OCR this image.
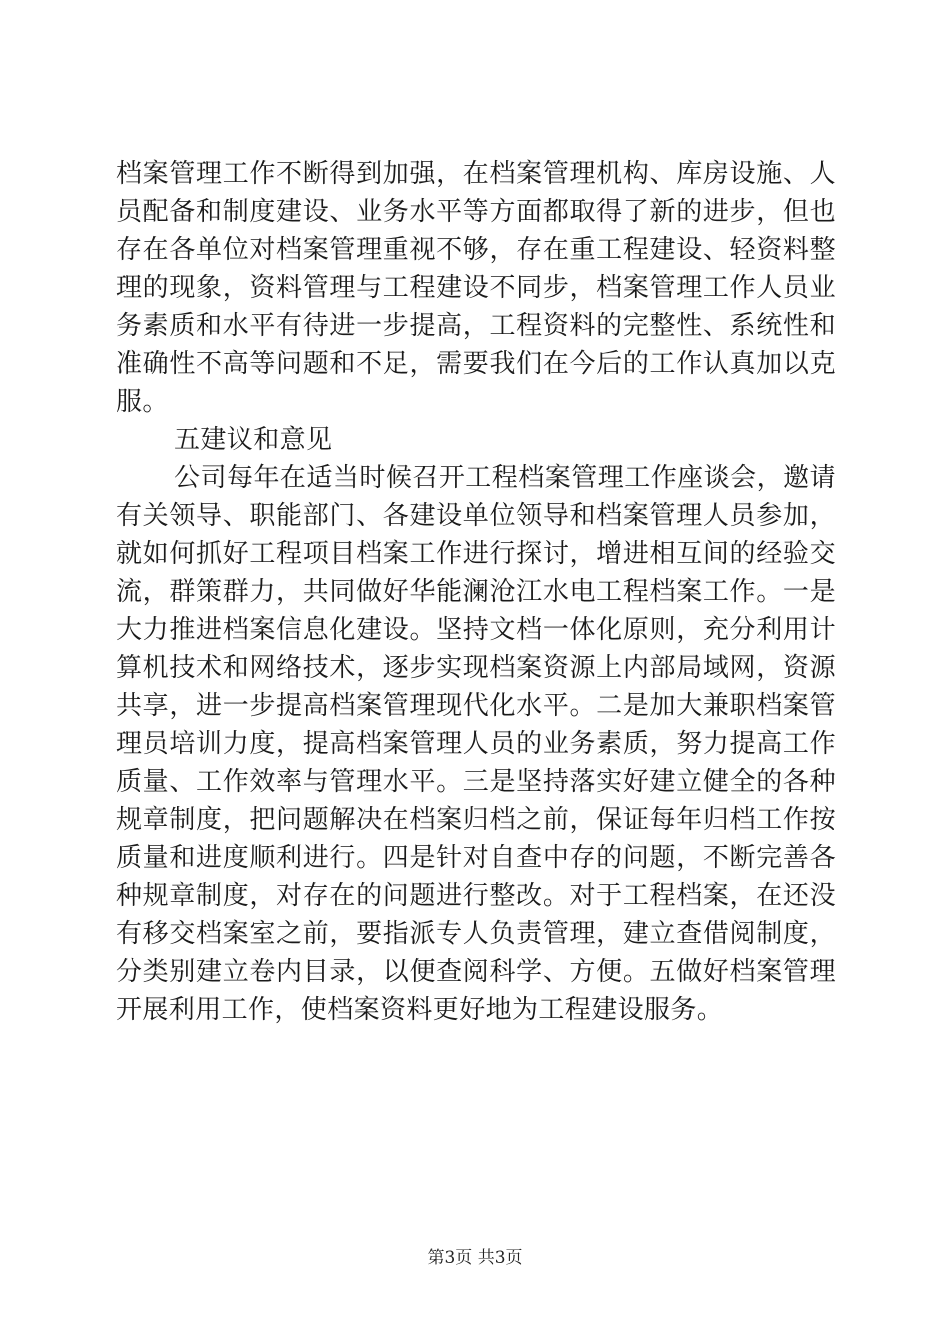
档案管理工作不断得到加强，在档案管理机构、库房设施、人
员配备和制度建设、业务水平等方面都取得了新的进步，但也
存在各单位对档案管理重视不够，存在重工程建设、轻资料整
理的现象，资料管理与工程建设不同步，档案管理工作人员业
务素质和水平有待进一步提高，工程资料的完整性、系统性和
准确性不高等问题和不足，需要我们在今后的工作认真加以克
服。
五建议和意见
公司每年在适当时候召开工程档案管理工作座谈会，邀请
有关领导、职能部门、各建设单位领导和档案管理人员参加，
就如何抓好工程项目档案工作进行探讨，增进相互间的经验交
流，群策群力，共同做好华能澜沧江水电工程档案工作。一是
大力推进档案信息化建设。坚持文档一体化原则，充分利用计
算机技术和网络技术，逐步实现档案资源上内部局域网，资源
共享，进一步提高档案管理现代化水平。二是加大兼职档案管
理员培训力度，提高档案管理人员的业务素质，努力提高工作
质量、工作效率与管理水平。三是坚持落实好建立健全的各种
规章制度，把问题解决在档案归档之前，保证每年归档工作按
质量和进度顺利进行。四是针对自查中存的问题，不断完善各
种规章制度，对存在的问题进行整改。对于工程档案，在还没
有移交档案室之前，要指派专人负责管理，建立查借阅制度，
分类别建立卷内目录，以便查阅科学、方便。五做好档案管理
开展利用工作，使档案资料更好地为工程建设服务。
第3页 共3页
